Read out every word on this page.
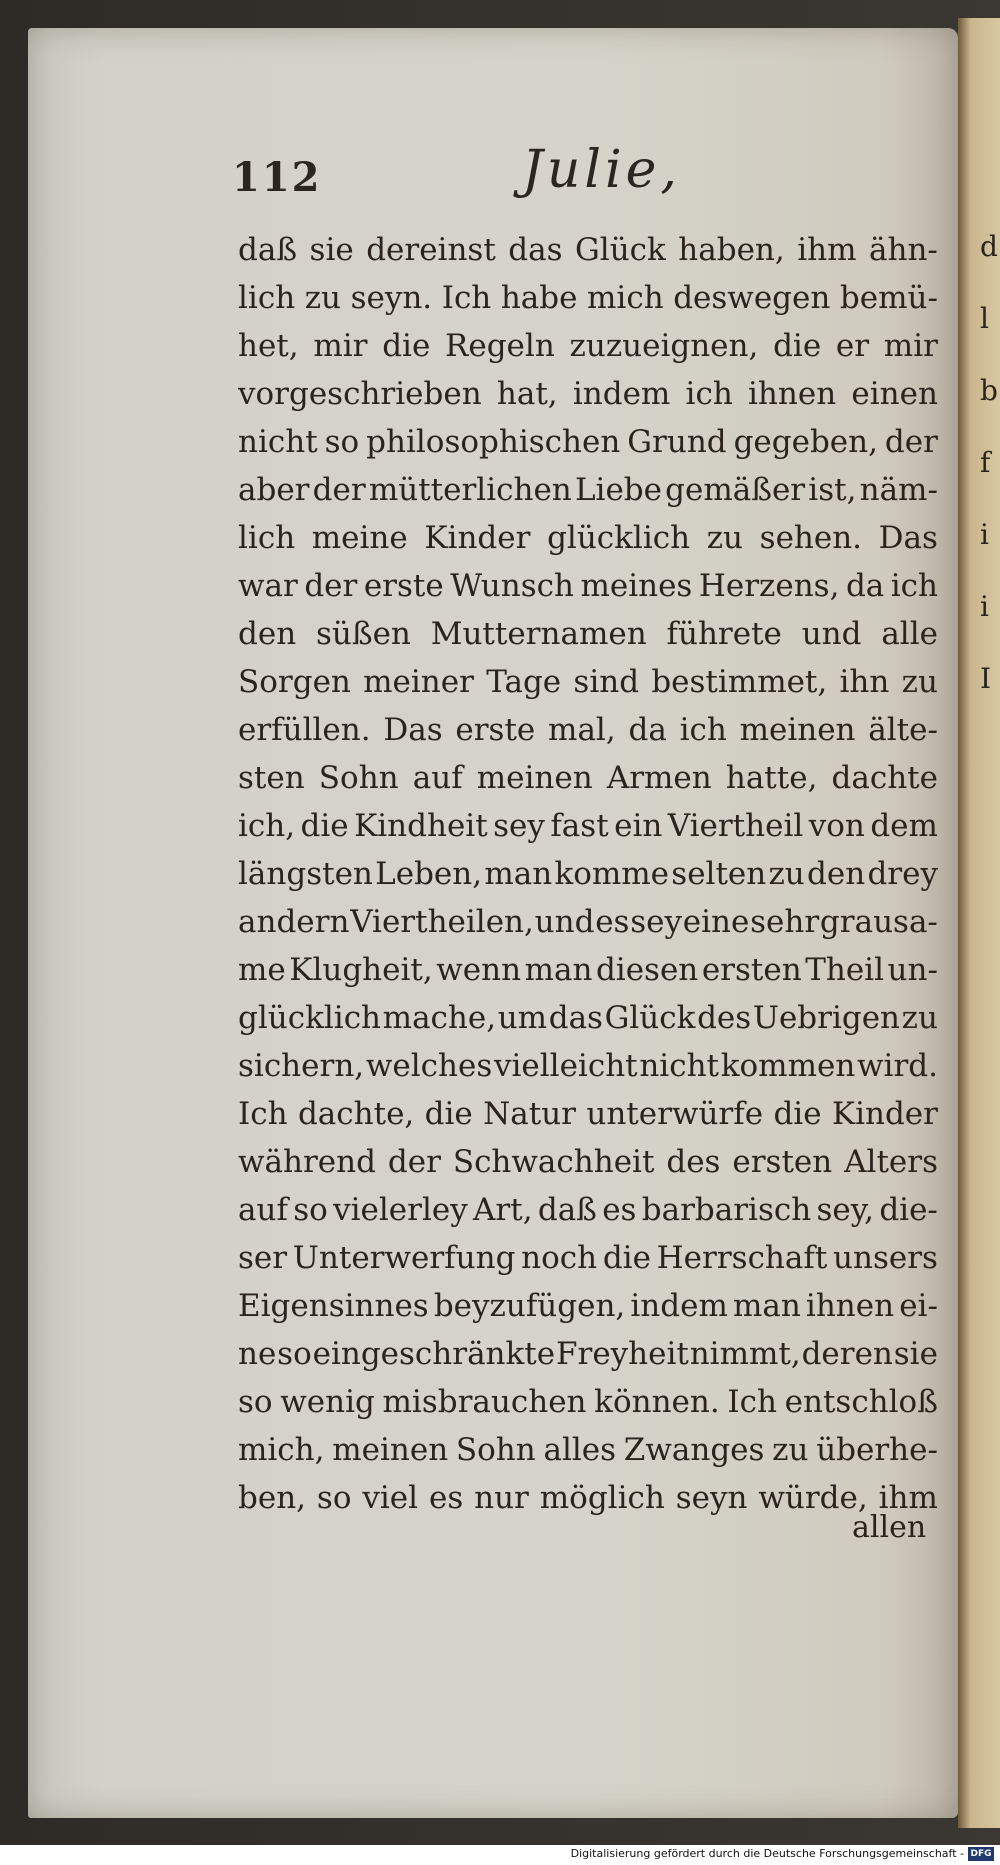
d
l
b
f
i
i
I
112	Julie,
daß sie dereinst das Glück haben, ihm ähn-
lich zu seyn. Ich habe mich deswegen bemü-
het, mir die Regeln zuzueignen, die er mir
vorgeschrieben hat, indem ich ihnen einen
nicht so philosophischen Grund gegeben, der
aber der mütterlichen Liebe gemäßer ist, näm-
lich meine Kinder glücklich zu sehen. Das
war der erste Wunsch meines Herzens, da ich
den süßen Mutternamen führete und alle
Sorgen meiner Tage sind bestimmet, ihn zu
erfüllen. Das erste mal, da ich meinen älte-
sten Sohn auf meinen Armen hatte, dachte
ich, die Kindheit sey fast ein Viertheil von dem
längsten Leben, man komme selten zu den drey
andern Viertheilen, und es sey eine sehr grausa-
me Klugheit, wenn man diesen ersten Theil un-
glücklich mache, um das Glück des Uebrigen zu
sichern, welches vielleicht nicht kommen wird.
Ich dachte, die Natur unterwürfe die Kinder
während der Schwachheit des ersten Alters
auf so vielerley Art, daß es barbarisch sey, die-
ser Unterwerfung noch die Herrschaft unsers
Eigensinnes beyzufügen, indem man ihnen ei-
ne so eingeschränkte Freyheit nimmt, deren sie
so wenig misbrauchen können. Ich entschloß
mich, meinen Sohn alles Zwanges zu überhe-
ben, so viel es nur möglich seyn würde, ihm
allen
Digitalisierung gefördert durch die Deutsche Forschungsgemeinschaft - DFG
